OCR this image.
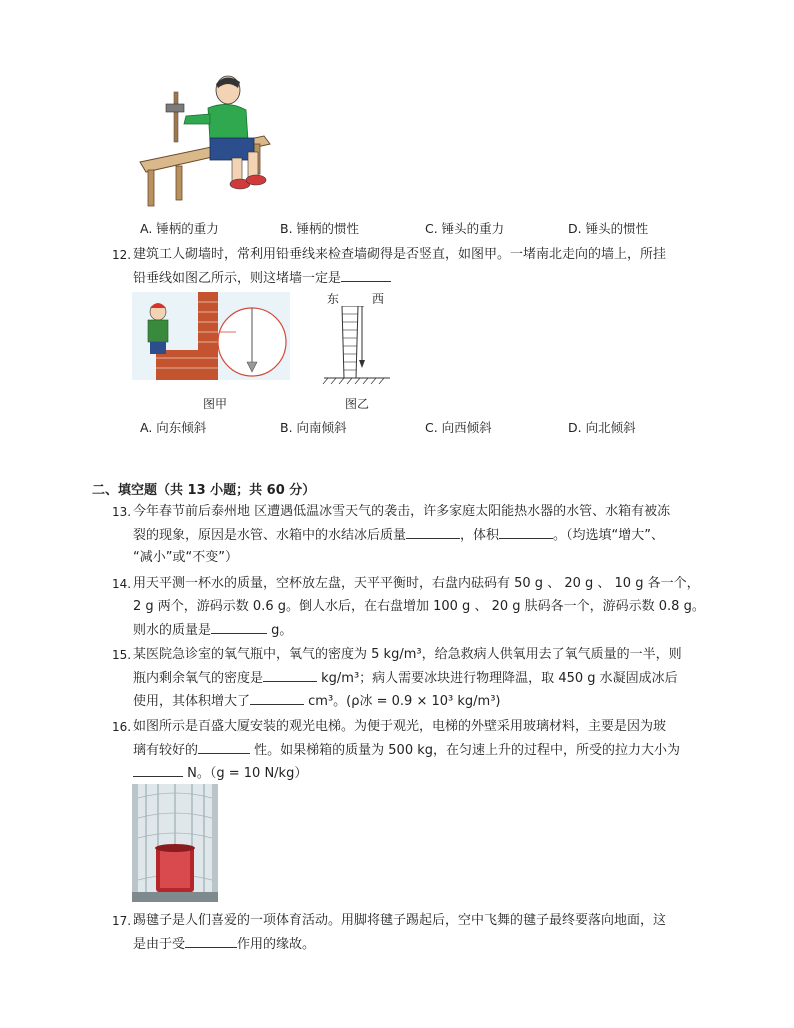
A. 锤柄的重力	B. 锤柄的惯性	C. 锤头的重力	D. 锤头的惯性
12. 建筑工人砌墙时，常利用铅垂线来检查墙砌得是否竖直，如图甲。一堵南北走向的墙上，所挂
铅垂线如图乙所示，则这堵墙一定是
图甲
东	西
图乙
A. 向东倾斜	B. 向南倾斜	C. 向西倾斜	D. 向北倾斜
二、填空题（共 13 小题；共 60 分）
13. 今年春节前后泰州地 区遭遇低温冰雪天气的袭击，许多家庭太阳能热水器的水管、水箱有被冻
裂的现象，原因是水管、水箱中的水结冰后质量	，体积	。（均选填“增大”、
“减小”或“不变”）
14. 用天平测一杯水的质量，空杯放左盘，天平平衡时，右盘内砝码有 50 g 、 20 g 、 10 g 各一个，
2 g 两个，游码示数 0.6 g。倒人水后，在右盘增加 100 g 、 20 g 肤码各一个，游码示数 0.8 g。
则水的质量是	g。
15. 某医院急诊室的氧气瓶中，氧气的密度为 5 kg/m³，给急救病人供氧用去了氧气质量的一半，则
瓶内剩余氧气的密度是	kg/m³；病人需要冰块进行物理降温，取 450 g 水凝固成冰后
使用，其体积增大了	cm³。(ρ冰 = 0.9 × 10³ kg/m³)
16. 如图所示是百盛大厦安装的观光电梯。为便于观光，电梯的外壁采用玻璃材料，主要是因为玻
璃有较好的	性。如果梯箱的质量为 500 kg，在匀速上升的过程中，所受的拉力大小为
N。（g = 10 N/kg）
17. 踢毽子是人们喜爱的一项体育活动。用脚将毽子踢起后，空中飞舞的毽子最终要落向地面，这
是由于受	作用的缘故。
